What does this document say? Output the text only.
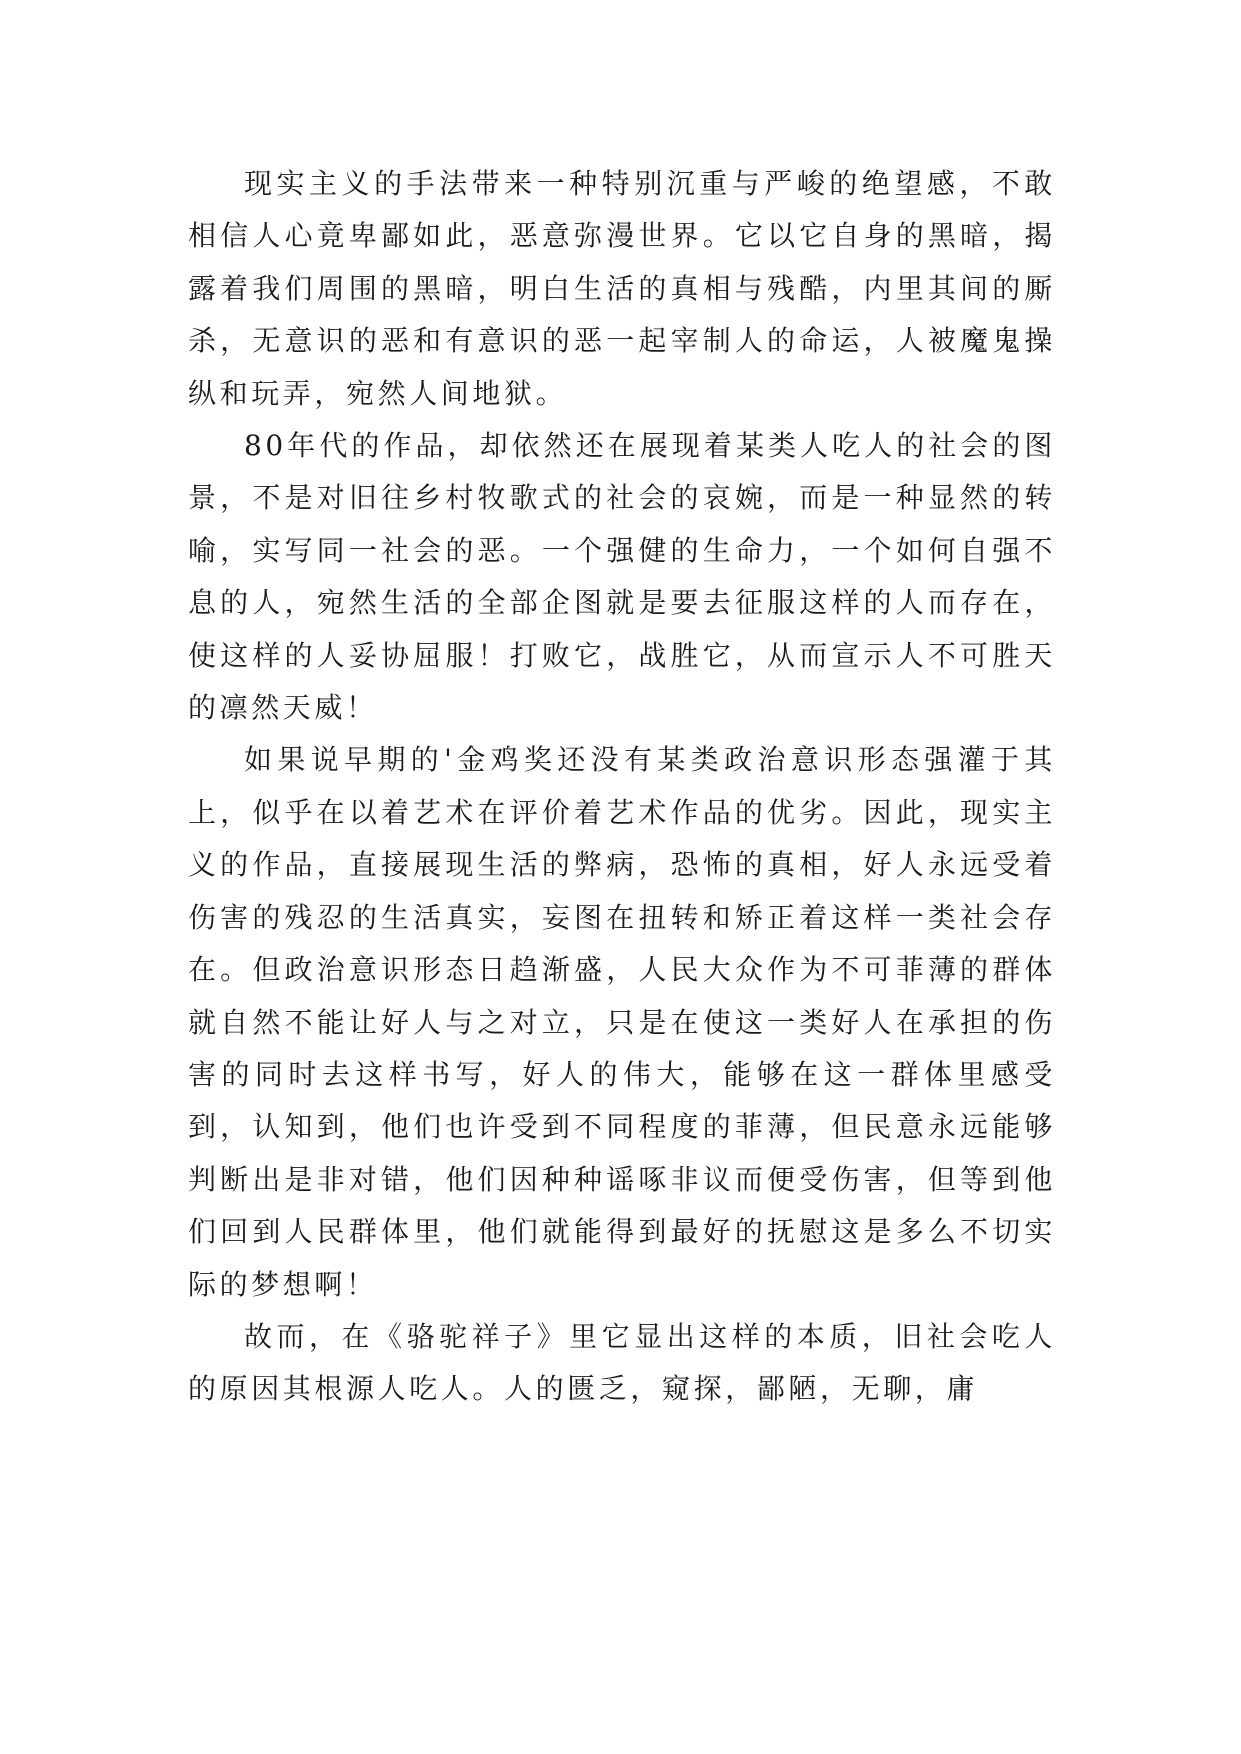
现实主义的手法带来一种特别沉重与严峻的绝望感，不敢相信人心竟卑鄙如此，恶意弥漫世界。它以它自身的黑暗，揭露着我们周围的黑暗，明白生活的真相与残酷，内里其间的厮杀，无意识的恶和有意识的恶一起宰制人的命运，人被魔鬼操纵和玩弄，宛然人间地狱。

80年代的作品，却依然还在展现着某类人吃人的社会的图景，不是对旧往乡村牧歌式的社会的哀婉，而是一种显然的转喻，实写同一社会的恶。一个强健的生命力，一个如何自强不息的人，宛然生活的全部企图就是要去征服这样的人而存在，使这样的人妥协屈服！打败它，战胜它，从而宣示人不可胜天的凛然天威！

如果说早期的'金鸡奖还没有某类政治意识形态强灌于其上，似乎在以着艺术在评价着艺术作品的优劣。因此，现实主义的作品，直接展现生活的弊病，恐怖的真相，好人永远受着伤害的残忍的生活真实，妄图在扭转和矫正着这样一类社会存在。但政治意识形态日趋渐盛，人民大众作为不可菲薄的群体就自然不能让好人与之对立，只是在使这一类好人在承担的伤害的同时去这样书写，好人的伟大，能够在这一群体里感受到，认知到，他们也许受到不同程度的菲薄，但民意永远能够判断出是非对错，他们因种种谣啄非议而便受伤害，但等到他们回到人民群体里，他们就能得到最好的抚慰这是多么不切实际的梦想啊！

故而，在《骆驼祥子》里它显出这样的本质，旧社会吃人的原因其根源人吃人。人的匮乏，窥探，鄙陋，无聊，庸
